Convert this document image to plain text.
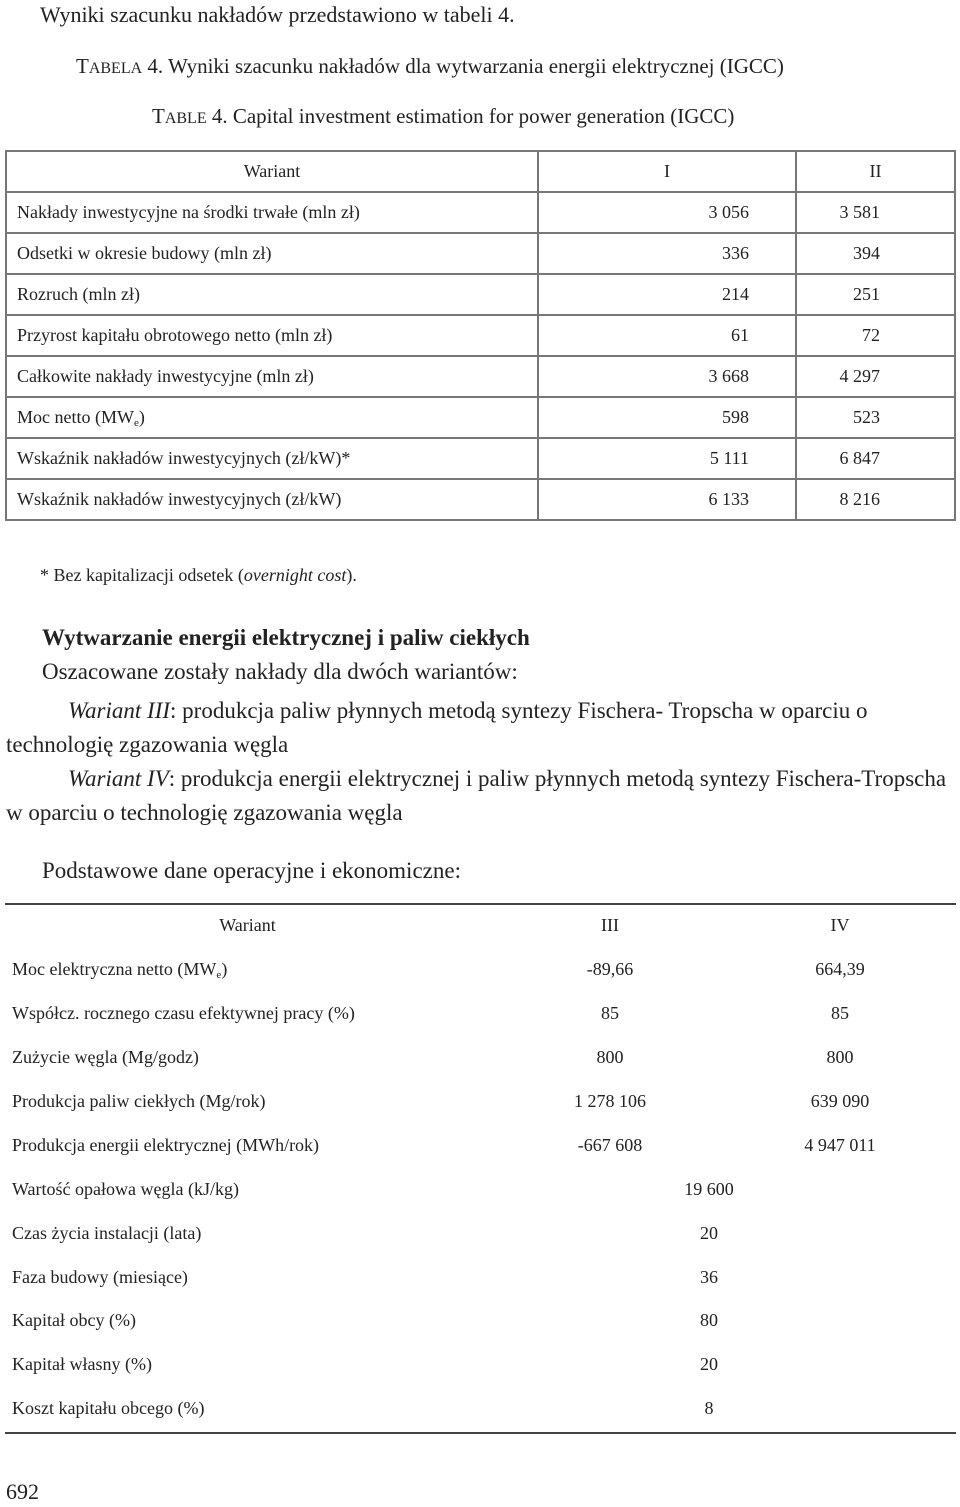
Wyniki szacunku nakładów przedstawiono w tabeli 4.
TABELA 4. Wyniki szacunku nakładów dla wytwarzania energii elektrycznej (IGCC)
TABLE 4. Capital investment estimation for power generation (IGCC)
Wariant	I	II
Nakłady inwestycyjne na środki trwałe (mln zł)	3 056	3 581
Odsetki w okresie budowy (mln zł)	336	394
Rozruch (mln zł)	214	251
Przyrost kapitału obrotowego netto (mln zł)	61	72
Całkowite nakłady inwestycyjne (mln zł)	3 668	4 297
Moc netto $(MW_e)$	598	523
Wskaźnik nakładów inwestycyjnych (zł/kW)*	5 111	6 847
Wskaźnik nakładów inwestycyjnych (zł/kW)	6 133	8 216
* Bez kapitalizacji odsetek (overnight cost).
Wytwarzanie energii elektrycznej i paliw ciekłych
Oszacowane zostały nakłady dla dwóch wariantów:
Wariant III: produkcja paliw płynnych metodą syntezy Fischera- Tropscha w oparciu o technologię zgazowania węgla
Wariant IV: produkcja energii elektrycznej i paliw płynnych metodą syntezy Fischera-Tropscha w oparciu o technologię zgazowania węgla
Podstawowe dane operacyjne i ekonomiczne:
Wariant	III	IV
Moc elektryczna netto $(MW_e)$	-89,66	664,39
Współcz. rocznego czasu efektywnej pracy (%)	85	85
Zużycie węgla (Mg/godz)	800	800
Produkcja paliw ciekłych (Mg/rok)	1 278 106	639 090
Produkcja energii elektrycznej (MWh/rok)	-667 608	4 947 011
Wartość opałowa węgla (kJ/kg)	19 600	
Czas życia instalacji (lata)	20	
Faza budowy (miesiące)	36	
Kapitał obcy (%)	80	
Kapitał własny (%)	20	
Koszt kapitału obcego (%)	8	
692
